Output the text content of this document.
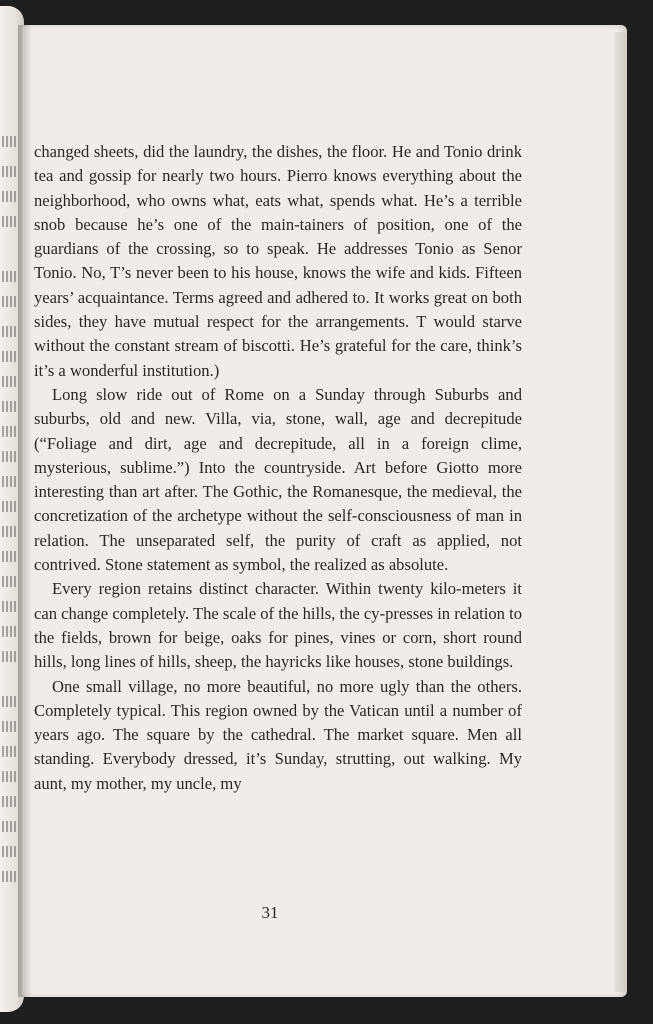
changed sheets, did the laundry, the dishes, the floor. He and Tonio drink tea and gossip for nearly two hours. Pierro knows everything about the neighborhood, who owns what, eats what, spends what. He’s a terrible snob because he’s one of the main-tainers of position, one of the guardians of the crossing, so to speak. He addresses Tonio as Senor Tonio. No, T’s never been to his house, knows the wife and kids. Fifteen years’ acquaintance. Terms agreed and adhered to. It works great on both sides, they have mutual respect for the arrangements. T would starve without the constant stream of biscotti. He’s grateful for the care, think’s it’s a wonderful institution.)

Long slow ride out of Rome on a Sunday through Suburbs and suburbs, old and new. Villa, via, stone, wall, age and decrepitude (“Foliage and dirt, age and decrepitude, all in a foreign clime, mysterious, sublime.”) Into the countryside. Art before Giotto more interesting than art after. The Gothic, the Romanesque, the medieval, the concretization of the archetype without the self-consciousness of man in relation. The unseparated self, the purity of craft as applied, not contrived. Stone statement as symbol, the realized as absolute.

Every region retains distinct character. Within twenty kilo-meters it can change completely. The scale of the hills, the cy-presses in relation to the fields, brown for beige, oaks for pines, vines or corn, short round hills, long lines of hills, sheep, the hayricks like houses, stone buildings.

One small village, no more beautiful, no more ugly than the others. Completely typical. This region owned by the Vatican until a number of years ago. The square by the cathedral. The market square. Men all standing. Everybody dressed, it’s Sunday, strutting, out walking. My aunt, my mother, my uncle, my

31
